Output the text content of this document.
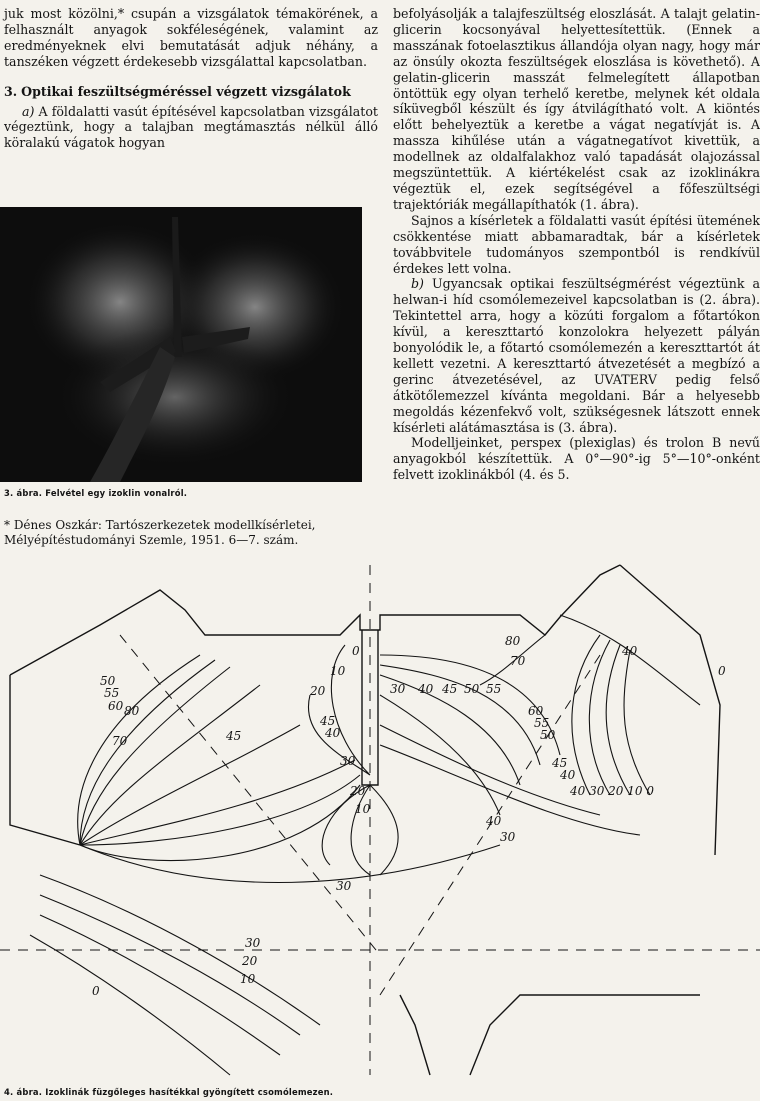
juk most közölni,* csupán a vizsgálatok témakörének, a felhasznált anyagok sokféleségének, valamint az eredményeknek elvi bemutatását adjuk néhány, a tanszéken végzett érdekesebb vizsgálattal kapcsolatban.

3. Optikai feszültségméréssel végzett vizsgálatok

a) A földalatti vasút építésével kapcsolatban vizsgálatot végeztünk, hogy a talajban megtámasztás nélkül álló köralakú vágatok hogyan

3. ábra. Felvétel egy izoklin vonalról.

* Dénes Oszkár: Tartószerkezetek modellkísérletei, Mélyépítéstudományi Szemle, 1951. 6—7. szám.

befolyásolják a talajfeszültség eloszlását. A talajt gelatin-glicerin kocsonyával helyettesítettük. (Ennek a masszának fotoelasztikus állandója olyan nagy, hogy már az önsúly okozta feszültségek eloszlása is követhető). A gelatin-glicerin masszát felmelegített állapotban öntöttük egy olyan terhelő keretbe, melynek két oldala síküvegből készült és így átvilágítható volt. A kiöntés előtt behelyeztük a keretbe a vágat negatívját is. A massza kihűlése után a vágatnegatívot kivettük, a modellnek az oldalfalakhoz való tapadását olajozással megszüntettük. A kiértékelést csak az izoklinákra végeztük el, ezek segítségével a főfeszültségi trajektóriák megállapíthatók (1. ábra).

Sajnos a kísérletek a földalatti vasút építési ütemének csökkentése miatt abbamaradtak, bár a kísérletek továbbvitele tudományos szempontból is rendkívül érdekes lett volna.

b) Ugyancsak optikai feszültségmérést végeztünk a helwan-i híd csomólemezeivel kapcsolatban is (2. ábra). Tekintettel arra, hogy a közúti forgalom a főtartókon kívül, a kereszttartó konzolokra helyezett pályán bonyolódik le, a főtartó csomólemezén a kereszttartót át kellett vezetni. A kereszttartó átvezetését a megbízó a gerinc átvezetésével, az UVATERV pedig felső átkötőlemezzel kívánta megoldani. Bár a helyesebb megoldás kézenfekvő volt, szükségesnek látszott ennek kísérleti alátámasztása is (3. ábra).

Modelljeinket, perspex (plexiglas) és trolon B nevű anyagokból készítettük. A 0°—90°-ig 5°—10°-onként felvett izoklinákból (4. és 5.

50
55
60
70
80
45
20
10
0
30 40 45 50 55
60
55
50
45
40
40 30 20 10 0
40
30
45
40
30
20
10
80
70
30
30
20
10
0
40
0
4. ábra. Izoklinák füzgőleges hasítékkal gyöngített csomólemezen.
